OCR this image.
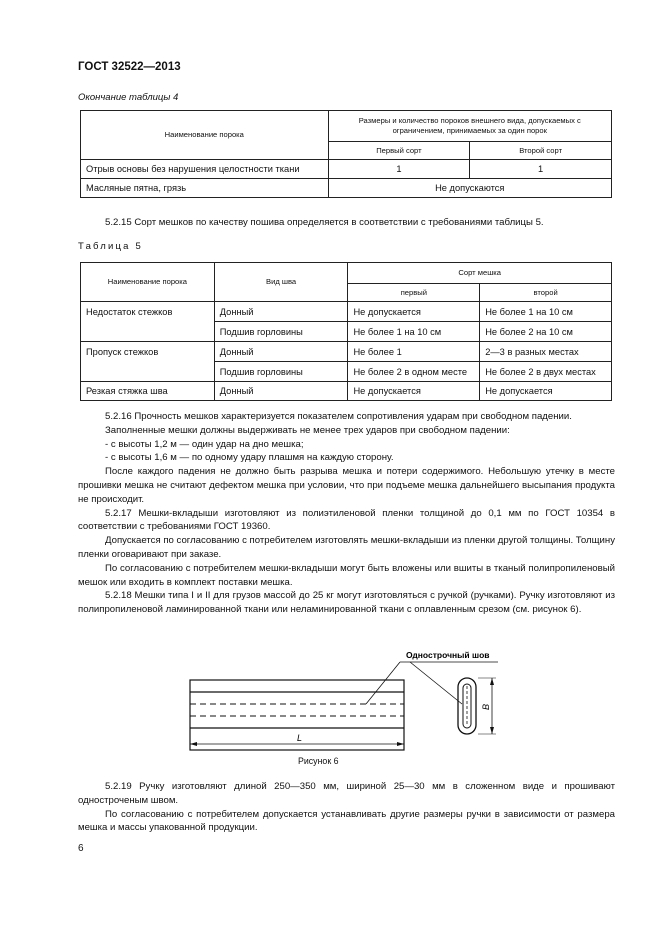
ГОСТ 32522—2013
Окончание таблицы 4
Наименование порока	Размеры и количество пороков внешнего вида, допускаемых с ограничением, принимаемых за один порок	
	Первый сорт	Второй сорт
Отрыв основы без нарушения целостности ткани	1	1
Масляные пятна, грязь	Не допускаются	
5.2.15 Сорт мешков по качеству пошива определяется в соответствии с требованиями таблицы 5.
Таблица 5
Наименование порока	Вид шва	Сорт мешка	
		первый	второй
Недостаток стежков	Донный	Не допускается	Не более 1 на 10 см
	Подшив горловины	Не более 1 на 10 см	Не более 2 на 10 см
Пропуск стежков	Донный	Не более 1	2—3 в разных местах
	Подшив горловины	Не более 2 в одном месте	Не более 2 в двух местах
Резкая стяжка шва	Донный	Не допускается	Не допускается
5.2.16 Прочность мешков характеризуется показателем сопротивления ударам при свободном падении.
Заполненные мешки должны выдерживать не менее трех ударов при свободном падении:
- с высоты 1,2 м — один удар на дно мешка;
- с высоты 1,6 м — по одному удару плашмя на каждую сторону.
После каждого падения не должно быть разрыва мешка и потери содержимого. Небольшую утечку в месте прошивки мешка не считают дефектом мешка при условии, что при подъеме мешка дальнейшего высыпания продукта не происходит.
5.2.17 Мешки-вкладыши изготовляют из полиэтиленовой пленки толщиной до 0,1 мм по ГОСТ 10354 в соответствии с требованиями ГОСТ 19360.
Допускается по согласованию с потребителем изготовлять мешки-вкладыши из пленки другой толщины. Толщину пленки оговаривают при заказе.
По согласованию с потребителем мешки-вкладыши могут быть вложены или вшиты в тканый полипропиленовый мешок или входить в комплект поставки мешка.
5.2.18 Мешки типа I и II для грузов массой до 25 кг могут изготовляться с ручкой (ручками). Ручку изготовляют из полипропиленовой ламинированной ткани или неламинированной ткани с оплавленным срезом (см. рисунок 6).
L
Однострочный шов
B
Рисунок 6
5.2.19 Ручку изготовляют длиной 250—350 мм, шириной 25—30 мм в сложенном виде и прошивают одностроченым швом.
По согласованию с потребителем допускается устанавливать другие размеры ручки в зависимости от размера мешка и массы упакованной продукции.
6
